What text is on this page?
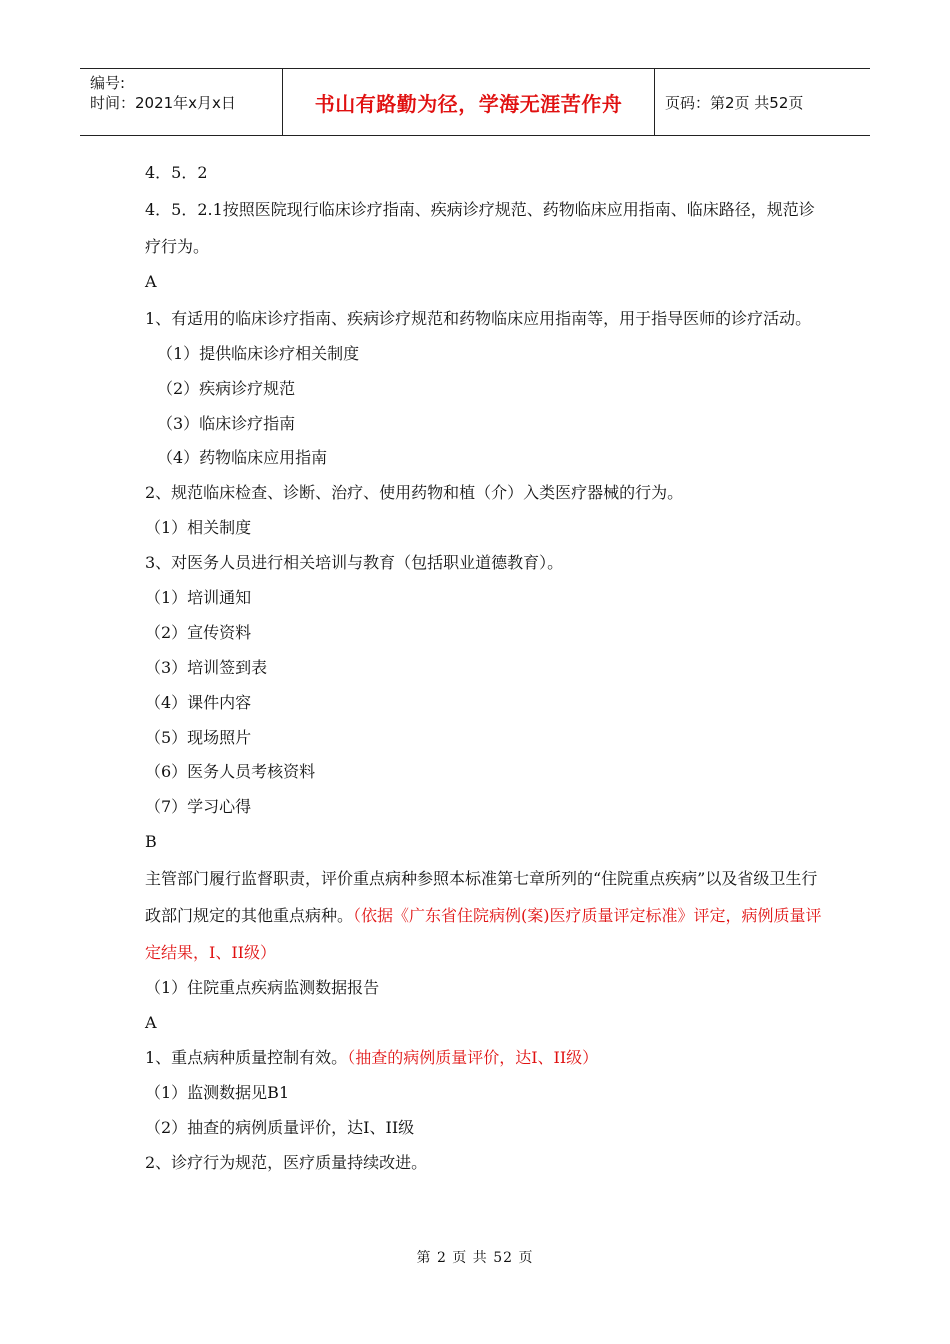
编号:
时间：2021年x月x日	书山有路勤为径，学海无涯苦作舟	页码：第2页 共52页
4．5．2
4．5．2.1按照医院现行临床诊疗指南、疾病诊疗规范、药物临床应用指南、临床路径，规范诊疗行为。
A
1、有适用的临床诊疗指南、疾病诊疗规范和药物临床应用指南等，用于指导医师的诊疗活动。
（1）提供临床诊疗相关制度
（2）疾病诊疗规范
（3）临床诊疗指南
（4）药物临床应用指南
2、规范临床检查、诊断、治疗、使用药物和植（介）入类医疗器械的行为。
（1）相关制度
3、对医务人员进行相关培训与教育（包括职业道德教育）。
（1）培训通知
（2）宣传资料
（3）培训签到表
（4）课件内容
（5）现场照片
（6）医务人员考核资料
（7）学习心得
B
主管部门履行监督职责，评价重点病种参照本标准第七章所列的“住院重点疾病”以及省级卫生行政部门规定的其他重点病种。（依据《广东省住院病例(案)医疗质量评定标准》评定，病例质量评定结果，I、II级）
（1）住院重点疾病监测数据报告
A
1、重点病种质量控制有效。（抽查的病例质量评价，达I、II级）
（1）监测数据见B1
（2）抽查的病例质量评价，达I、II级
2、诊疗行为规范，医疗质量持续改进。
第 2 页 共 52 页
